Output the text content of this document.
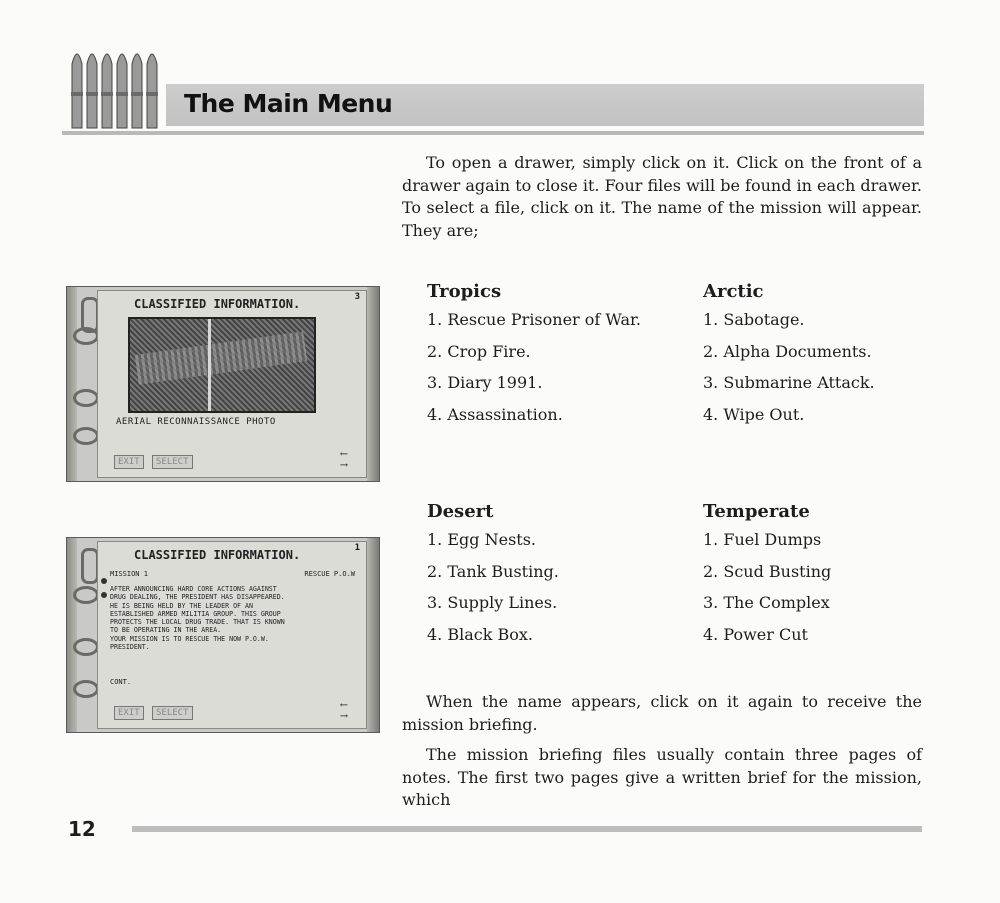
The Main Menu

To open a drawer, simply click on it. Click on the front of a drawer again to close it. Four files will be found in each drawer. To select a file, click on it. The name of the mission will appear. They are;

Tropics
1. Rescue Prisoner of War.
2. Crop Fire.
3. Diary 1991.
4. Assassination.
Arctic
1. Sabotage.
2. Alpha Documents.
3. Submarine Attack.
4. Wipe Out.
Desert
1. Egg Nests.
2. Tank Busting.
3. Supply Lines.
4. Black Box.
Temperate
1. Fuel Dumps
2. Scud Busting
3. The Complex
4. Power Cut

When the name appears, click on it again to receive the mission briefing.

The mission briefing files usually contain three pages of notes. The first two pages give a written brief for the mission, which

CLASSIFIED INFORMATION.	3
AERIAL RECONNAISSANCE PHOTO
EXIT	SELECT
←
→
CLASSIFIED INFORMATION.	1
MISSION 1	RESCUE P.O.W

AFTER ANNOUNCING HARD CORE ACTIONS AGAINST
DRUG DEALING, THE PRESIDENT HAS DISAPPEARED.
HE IS BEING HELD BY THE LEADER OF AN
ESTABLISHED ARMED MILITIA GROUP. THIS GROUP
PROTECTS THE LOCAL DRUG TRADE. THAT IS KNOWN
TO BE OPERATING IN THE AREA.
YOUR MISSION IS TO RESCUE THE NOW P.O.W.
PRESIDENT.

CONT.
EXIT	SELECT
←
→
12
